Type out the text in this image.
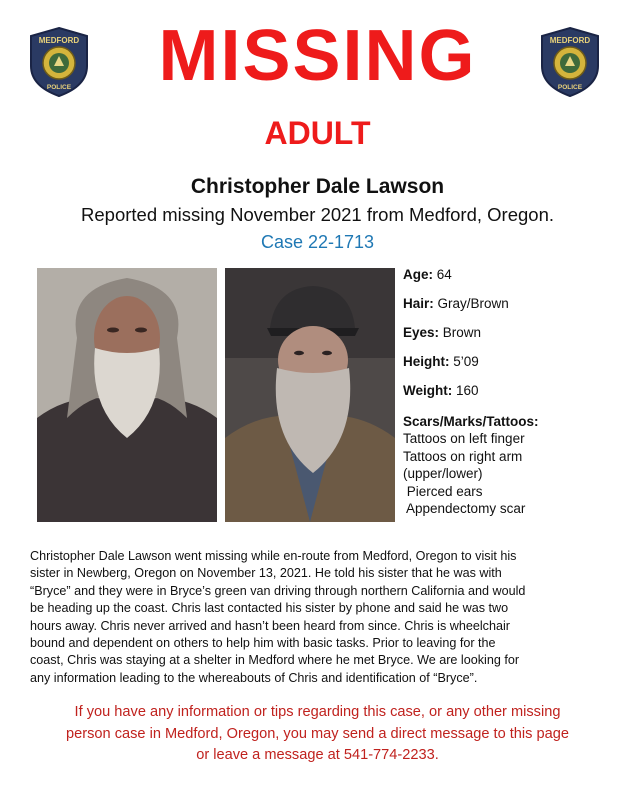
MEDFORD
POLICE
MEDFORD
POLICE
MISSING
ADULT
Christopher Dale Lawson
Reported missing November 2021 from Medford, Oregon.
Case 22-1713
Age: 64
Hair: Gray/Brown
Eyes: Brown
Height: 5’09
Weight: 160
Scars/Marks/Tattoos:
Tattoos on left finger
Tattoos on right arm
(upper/lower)
Pierced ears
Appendectomy scar
Christopher Dale Lawson went missing while en-route from Medford, Oregon to visit his
sister in Newberg, Oregon on November 13, 2021. He told his sister that he was with
“Bryce” and they were in Bryce’s green van driving through northern California and would
be heading up the coast. Chris last contacted his sister by phone and said he was two
hours away. Chris never arrived and hasn’t been heard from since. Chris is wheelchair
bound and dependent on others to help him with basic tasks. Prior to leaving for the
coast, Chris was staying at a shelter in Medford where he met Bryce. We are looking for
any information leading to the whereabouts of Chris and identification of “Bryce”.
If you have any information or tips regarding this case, or any other missing
person case in Medford, Oregon, you may send a direct message to this page
or leave a message at 541-774-2233.
